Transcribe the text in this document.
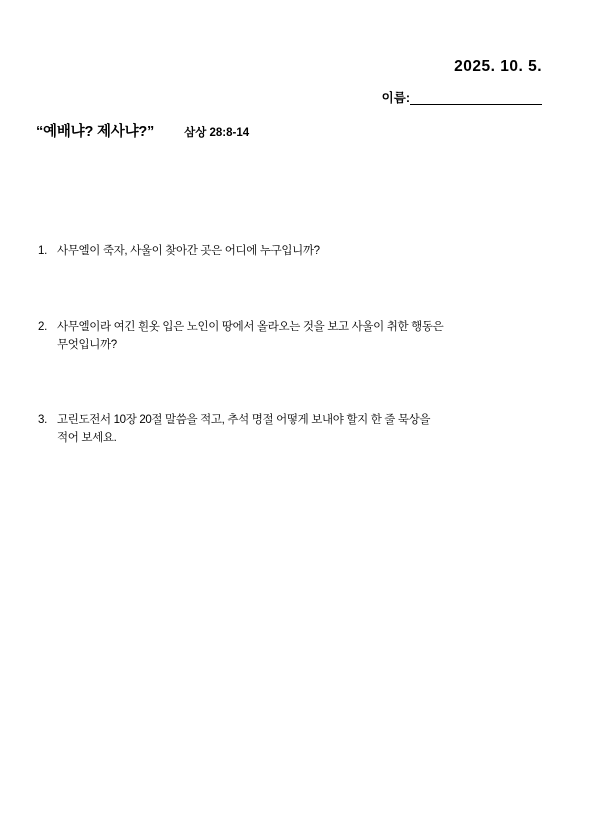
2025. 10. 5.
이름:
“예배냐? 제사냐?”	삼상 28:8-14
1. 사무엘이 죽자, 사울이 찾아간 곳은 어디에 누구입니까?
2. 사무엘이라 여긴 흰옷 입은 노인이 땅에서 올라오는 것을 보고 사울이 취한 행동은
무엇입니까?
3. 고린도전서 10장 20절 말씀을 적고, 추석 명절 어떻게 보내야 할지 한 줄 묵상을
적어 보세요.
